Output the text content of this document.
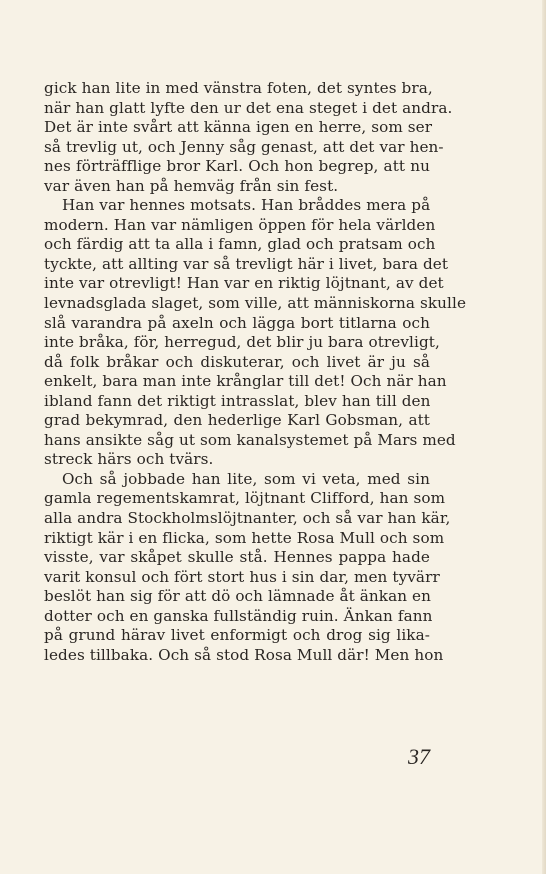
gick han lite in med vänstra foten, det syntes bra,
när han glatt lyfte den ur det ena steget i det andra.
Det är inte svårt att känna igen en herre, som ser
så trevlig ut, och Jenny såg genast, att det var hen-
nes förträfflige bror Karl. Och hon begrep, att nu
var även han på hemväg från sin fest.
Han var hennes motsats. Han bråddes mera på
modern. Han var nämligen öppen för hela världen
och färdig att ta alla i famn, glad och pratsam och
tyckte, att allting var så trevligt här i livet, bara det
inte var otrevligt! Han var en riktig löjtnant, av det
levnadsglada slaget, som ville, att människorna skulle
slå varandra på axeln och lägga bort titlarna och
inte bråka, för, herregud, det blir ju bara otrevligt,
då folk bråkar och diskuterar, och livet är ju så
enkelt, bara man inte krånglar till det! Och när han
ibland fann det riktigt intrasslat, blev han till den
grad bekymrad, den hederlige Karl Gobsman, att
hans ansikte såg ut som kanalsystemet på Mars med
streck härs och tvärs.
Och så jobbade han lite, som vi veta, med sin
gamla regementskamrat, löjtnant Clifford, han som
alla andra Stockholmslöjtnanter, och så var han kär,
riktigt kär i en flicka, som hette Rosa Mull och som
visste, var skåpet skulle stå. Hennes pappa hade
varit konsul och fört stort hus i sin dar, men tyvärr
beslöt han sig för att dö och lämnade åt änkan en
dotter och en ganska fullständig ruin. Änkan fann
på grund härav livet enformigt och drog sig lika-
ledes tillbaka. Och så stod Rosa Mull där! Men hon
37
